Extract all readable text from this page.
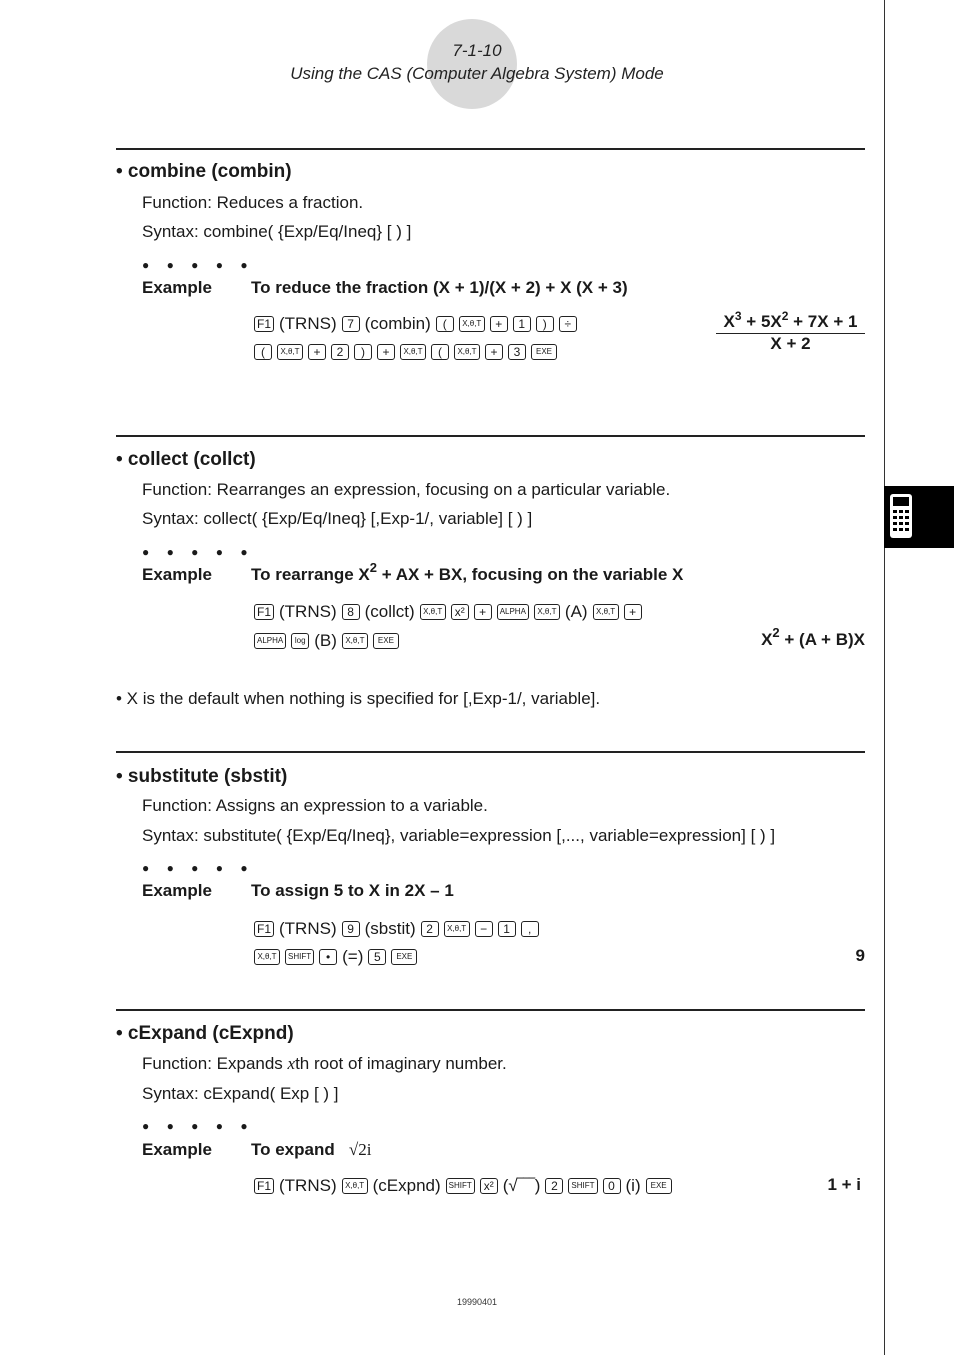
7-1-10
Using the CAS (Computer Algebra System) Mode
• combine (combin)
Function: Reduces a fraction.
Syntax: combine( {Exp/Eq/Ineq} [ ) ]
● ● ● ● ●
Example To reduce the fraction (X + 1)/(X + 2) + X (X + 3)
F1 (TRNS) 7 (combin)	(	X,θ,T	+	1	)	÷
(	X,θ,T	+	2	)	+	X,θ,T	(	X,θ,T	+	3	EXE	$\frac{X^3 + 5X^2 + 7X + 1}{X + 2}$
• collect (collct)
Function: Rearranges an expression, focusing on a particular variable.
Syntax: collect( {Exp/Eq/Ineq} [,Exp-1/, variable] [ ) ]
● ● ● ● ●
Example To rearrange $X^2$ + AX + BX, focusing on the variable X
F1 (TRNS) 8 (collct)	X,θ,T	x²	+	ALPHA	X,θ,T (A)	X,θ,T	+
ALPHA	log (B)	X,θ,T	EXE	$X^2 + (A + B)X$
• X is the default when nothing is specified for [,Exp-1/, variable].
• substitute (sbstit)
Function: Assigns an expression to a variable.
Syntax: substitute( {Exp/Eq/Ineq}, variable=expression [,..., variable=expression] [ ) ]
● ● ● ● ●
Example To assign 5 to X in 2X – 1
F1 (TRNS) 9 (sbstit) 2	X,θ,T	−	1	,
X,θ,T	SHIFT	• (=) 5	EXE	9
• cExpand (cExpnd)
Function: Expands xth root of imaginary number.
Syntax: cExpand( Exp [ ) ]
● ● ● ● ●
Example To expand √2i
F1 (TRNS)	X,θ,T (cExpnd)	SHIFT	x² (√‾‾‾) 2	SHIFT	0 (i)	EXE	1 + i
19990401
